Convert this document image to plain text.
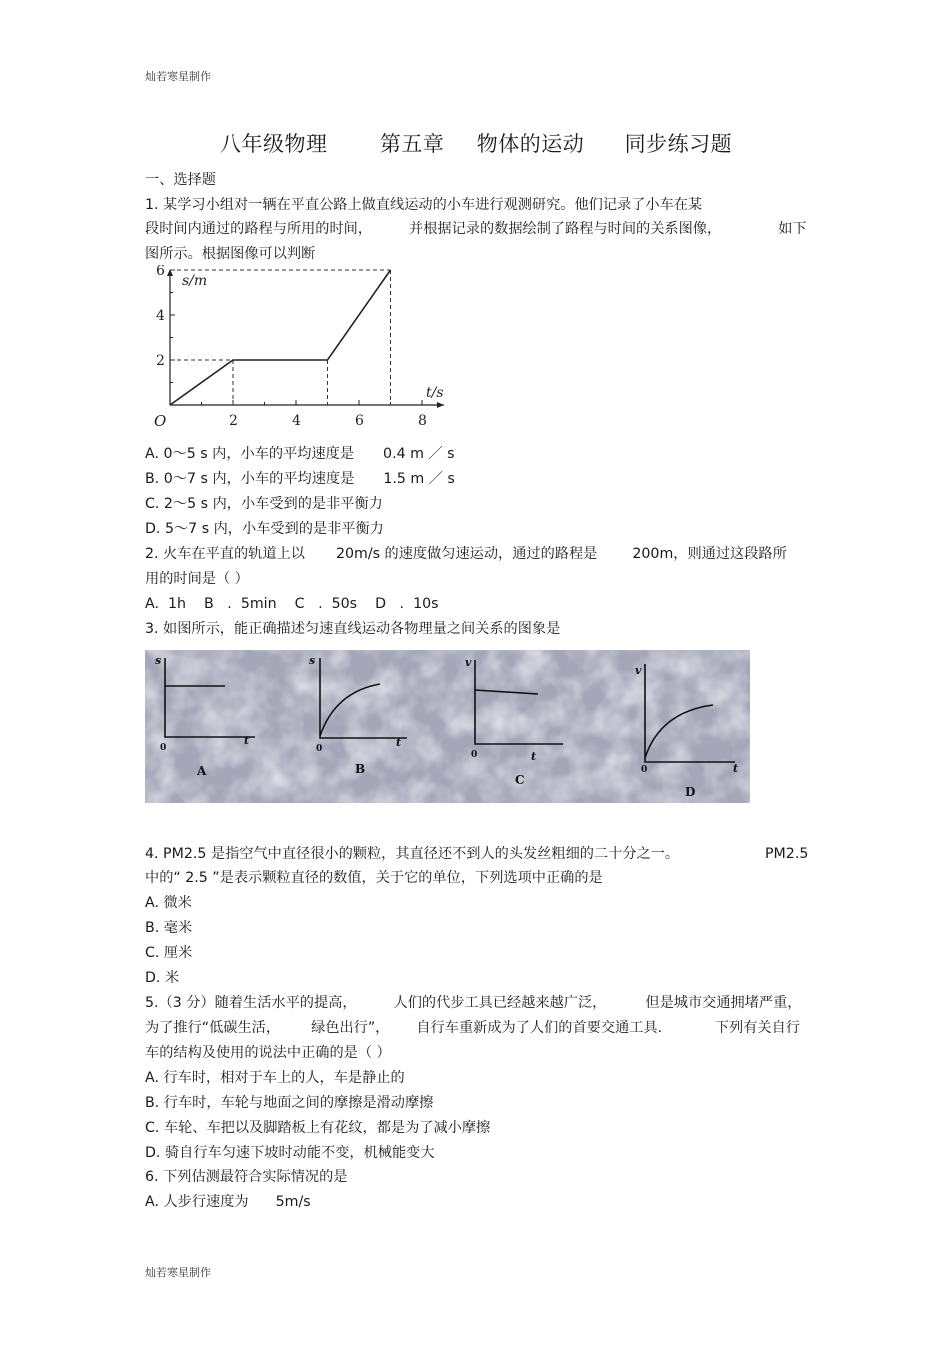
灿若寒星制作
八年级物理 第五章 物体的运动 同步练习题
一、选择题
1. 某学习小组对一辆在平直公路上做直线运动的小车进行观测研究。他们记录了小车在某
段时间内通过的路程与所用的时间，	并根据记录的数据绘制了路程与时间的关系图像，	如下
图所示。根据图像可以判断
2
4
6
2	4	6	8
O
s/m
t/s
A. 0～5 s 内，小车的平均速度是 0.4 m ／ s
B. 0～7 s 内，小车的平均速度是 1.5 m ／ s
C. 2～5 s 内，小车受到的是非平衡力
D. 5～7 s 内，小车受到的是非平衡力
2. 火车在平直的轨道上以 20m/s 的速度做匀速运动，通过的路程是 200m，则通过这段路所
用的时间是（ ）
A.  1h    B   .  5min    C   .  50s    D   .  10s
3. 如图所示，能正确描述匀速直线运动各物理量之间关系的图象是
s
t
0
A
s
t
0
B
v
t
0
C
v
t
0
D
4. PM2.5 是指空气中直径很小的颗粒，其直径还不到人的头发丝粗细的二十分之一。	PM2.5
中的“ 2.5 ”是表示颗粒直径的数值，关于它的单位，下列选项中正确的是
A. 微米
B. 毫米
C. 厘米
D. 米
5.（3 分）随着生活水平的提高，	人们的代步工具已经越来越广泛，	但是城市交通拥堵严重，
为了推行“低碳生活， 绿色出行”， 自行车重新成为了人们的首要交通工具．	下列有关自行
车的结构及使用的说法中正确的是（ ）
A. 行车时，相对于车上的人，车是静止的
B. 行车时，车轮与地面之间的摩擦是滑动摩擦
C. 车轮、车把以及脚踏板上有花纹，都是为了减小摩擦
D. 骑自行车匀速下坡时动能不变，机械能变大
6. 下列估测最符合实际情况的是
A. 人步行速度为 5m/s
灿若寒星制作
